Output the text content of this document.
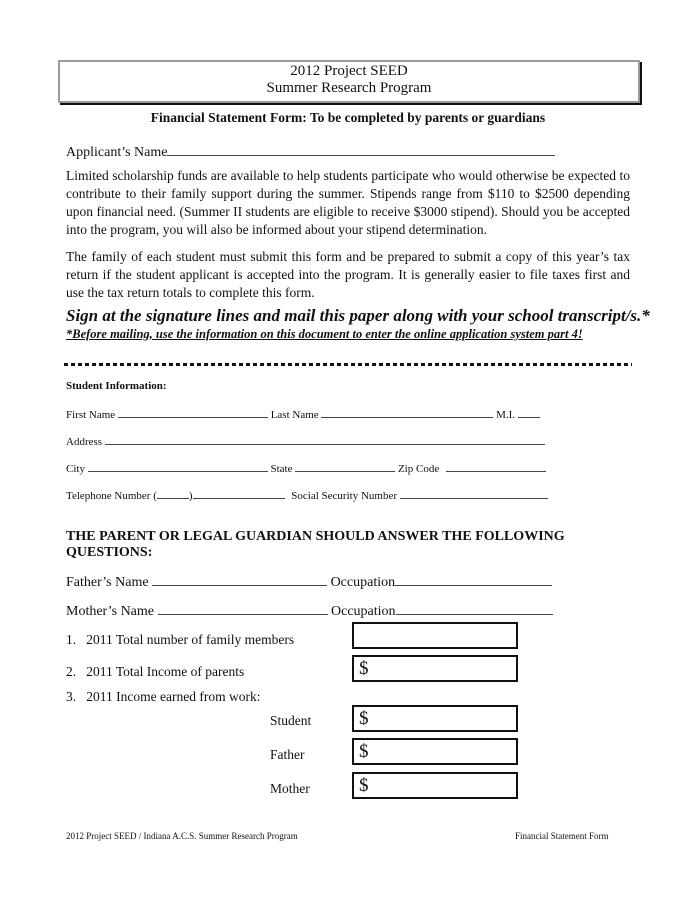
2012 Project SEED
Summer Research Program
Financial Statement Form: To be completed by parents or guardians
Applicant’s Name
Limited scholarship funds are available to help students participate who would otherwise be expected to contribute to their family support during the summer. Stipends range from $110 to $2500 depending upon financial need. (Summer II students are eligible to receive $3000 stipend). Should you be accepted into the program, you will also be informed about your stipend determination.
The family of each student must submit this form and be prepared to submit a copy of this year’s tax return if the student applicant is accepted into the program. It is generally easier to file taxes first and use the tax return totals to complete this form.
Sign at the signature lines and mail this paper along with your school transcript/s.*
*Before mailing, use the information on this document to enter the online application system part 4!
Student Information:
First Name	Last Name	M.I.
Address
City	State	Zip Code
Telephone Number (	)	Social Security Number
THE PARENT OR LEGAL GUARDIAN SHOULD ANSWER THE FOLLOWING QUESTIONS:
Father’s Name	Occupation
Mother’s Name	Occupation
1. 2011 Total number of family members
2. 2011 Total Income of parents	$
3. 2011 Income earned from work:
Student	$
Father	$
Mother	$
2012 Project SEED / Indiana A.C.S. Summer Research Program	Financial Statement Form
